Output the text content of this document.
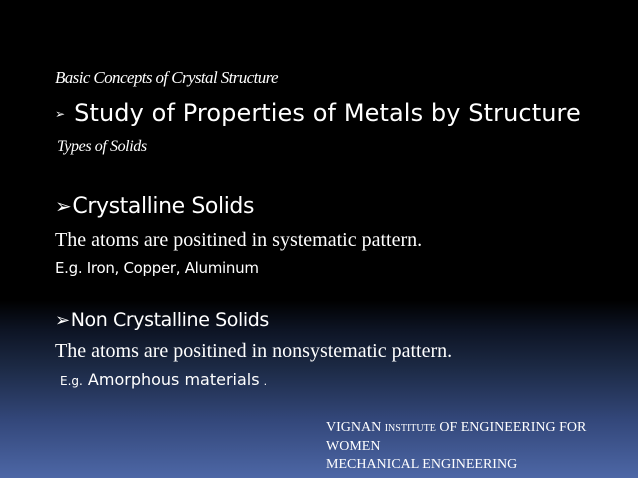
Basic Concepts of Crystal Structure
➢ Study of Properties of Metals by Structure
Types of Solids
➢Crystalline Solids
The atoms are positined in systematic pattern.
E.g. Iron, Copper, Aluminum
➢Non Crystalline Solids
The atoms are positined in nonsystematic pattern.
E.g. Amorphous materials .
VIGNAN INSTITUTE OF ENGINEERING FOR
WOMEN
MECHANICAL ENGINEERING
